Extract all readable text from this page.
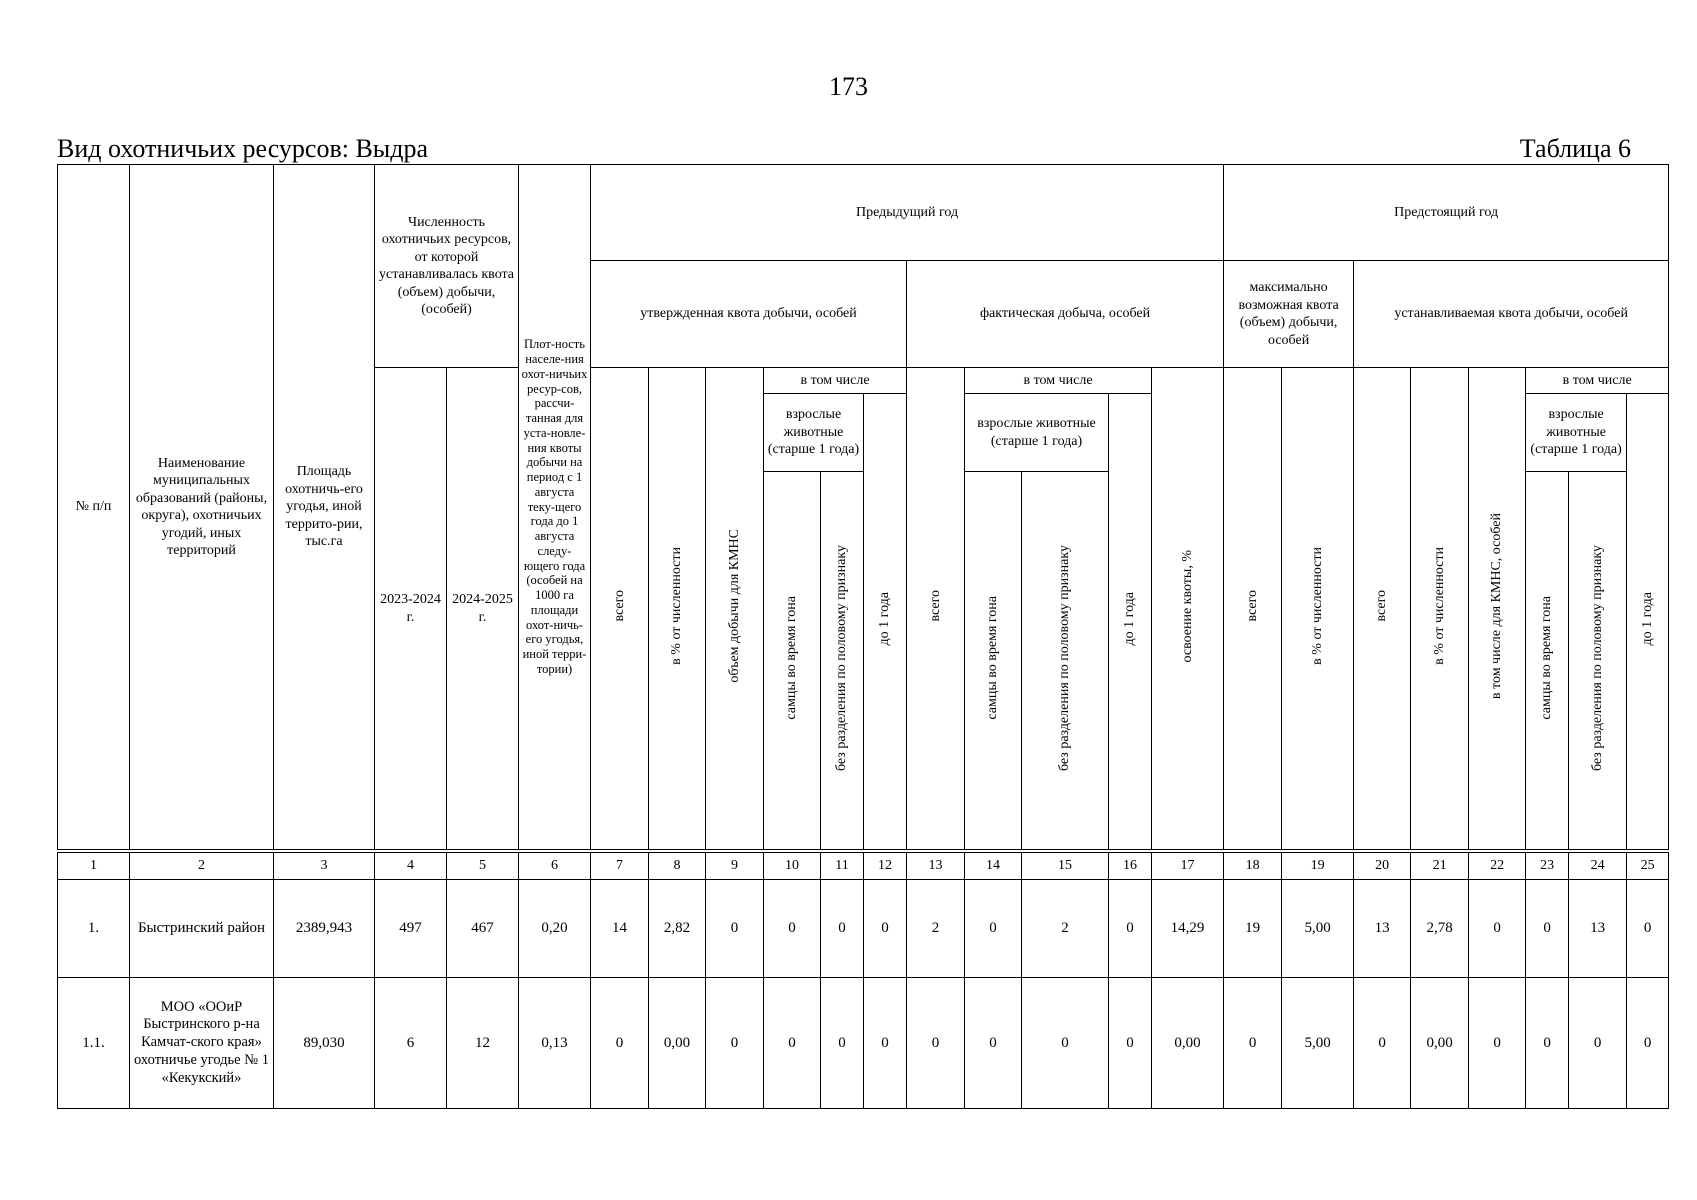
173
Вид охотничьих ресурсов: Выдра	Таблица 6
№ п/п	Наименование муниципальных образований (районы, округа), охотничьих угодий, иных территорий	Площадь охотничь-его угодья, иной террито-рии, тыс.га	Численность охотничьих ресурсов, от которой устанавливалась квота (объем) добычи, (особей)		Плот-ность населе-ния охот-ничьих ресур-сов, рассчи-танная для уста-новле-ния квоты добычи на период с 1 августа теку-щего года до 1 августа следу-ющего года (особей на 1000 га площади охот-ничь-его угодья, иной терри-тории)	Предыдущий год											Предстоящий год							
						утвержденная квота добычи, особей						фактическая добыча, особей					максимально возможная квота (объем) добычи, особей		устанавливаемая квота добычи, особей					
			2023-2024 г.	2024-2025 г.		всего	в % от численности	объем добычи для КМНС	в том числе			всего	в том числе			освоение квоты, %	всего	в % от численности	всего	в % от численности	в том числе для КМНС, особей	в том числе		
									взрослые животные (старше 1 года)		до 1 года		взрослые животные (старше 1 года)		до 1 года							взрослые животные (старше 1 года)		до 1 года
									самцы во время гона	без разделения по половому признаку			самцы во время гона	без разделения по половому признаку								самцы во время гона	без разделения по половому признаку	

1	2	3	4	5	6	7	8	9	10	11	12	13	14	15	16	17	18	19	20	21	22	23	24	25
1.	Быстринский район	2389,943	497	467	0,20	14	2,82	0	0	0	0	2	0	2	0	14,29	19	5,00	13	2,78	0	0	13	0
1.1.	МОО «ООиР Быстринского р-на Камчат-ского края» охотничье угодье № 1 «Кекукский»	89,030	6	12	0,13	0	0,00	0	0	0	0	0	0	0	0	0,00	0	5,00	0	0,00	0	0	0	0
